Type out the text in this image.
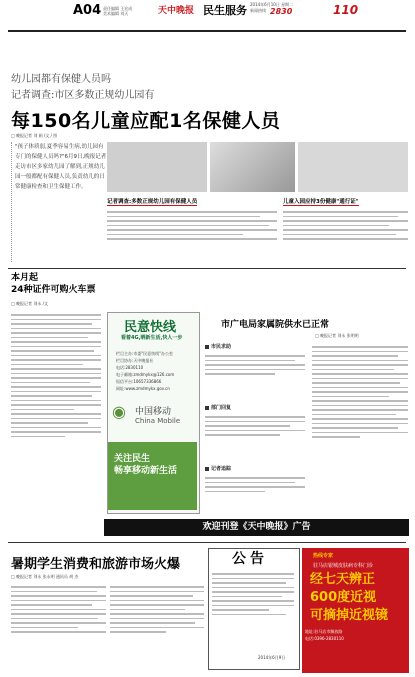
A04 责任编辑 王宏成
美术编辑 刘天	天中晚报 民生服务 2014年6月10日 星期二
新闻热线 2830	110
幼儿园都有保健人员吗
记者调查:市区多数正规幼儿园有
每150名儿童应配1名保健人员
□ 晚报记者 刘 娟 /文 / 图
"孩子体质弱,夏季容易生病,幼儿园有专门的保健人员吗?"6月9日,晚报记者走访市区多家幼儿园了解到,正规幼儿园一般都配有保健人员,负责幼儿的日常健康检查和卫生保健工作。
记者调查:多数正规幼儿园有保健人员	儿童入园应持3份健康"通行证"
本月起
24种证件可购火车票
□ 晚报记者 刘永 /文
民意快线
看着4G,晒新生活,快人一步
栏目主办:市委"民意快线"办公室
栏目协办:天中晚报社
电话:2830110
电子邮箱:zmdmykx@126.com
短信平台:10657336866
网址:www.zmdmykx.gov.cn
◉ 中国移动
China Mobile
关注民生
畅享移动新生活
市广电局家属院供水已正常
□ 晚报记者 刘永 张明明
市民求助
部门回复
记者追踪
欢迎刊登《天中晚报》广告
暑期学生消费和旅游市场火爆
□ 晚报记者 刘永 张永明 通讯员 胡 杰
公告
2014年6月9日
热线专家
驻马店银城皮肤病专科门诊
经七天辨正
600度近视
可摘掉近视镜
地址:驻马店市解放路
电话:0396-2830110
